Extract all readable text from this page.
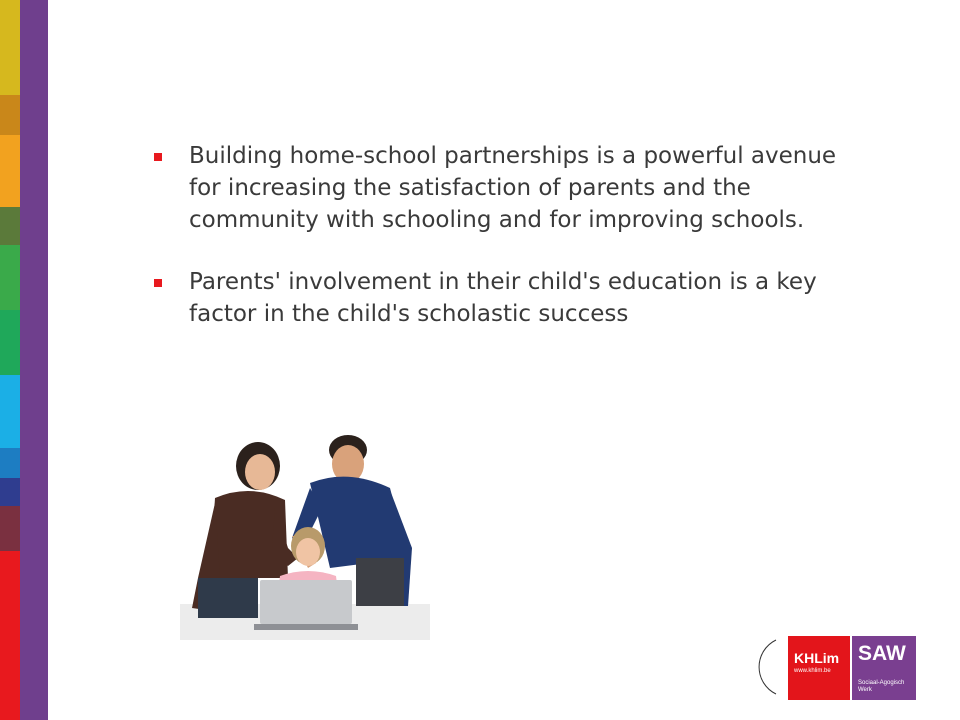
Building home-school partnerships is a powerful avenue for increasing the satisfaction of parents and the community with schooling and for improving schools.
Parents' involvement in their child's education is a key factor in the child's scholastic success
KHLim
www.khlim.be
SAW
Sociaal-Agogisch Werk
